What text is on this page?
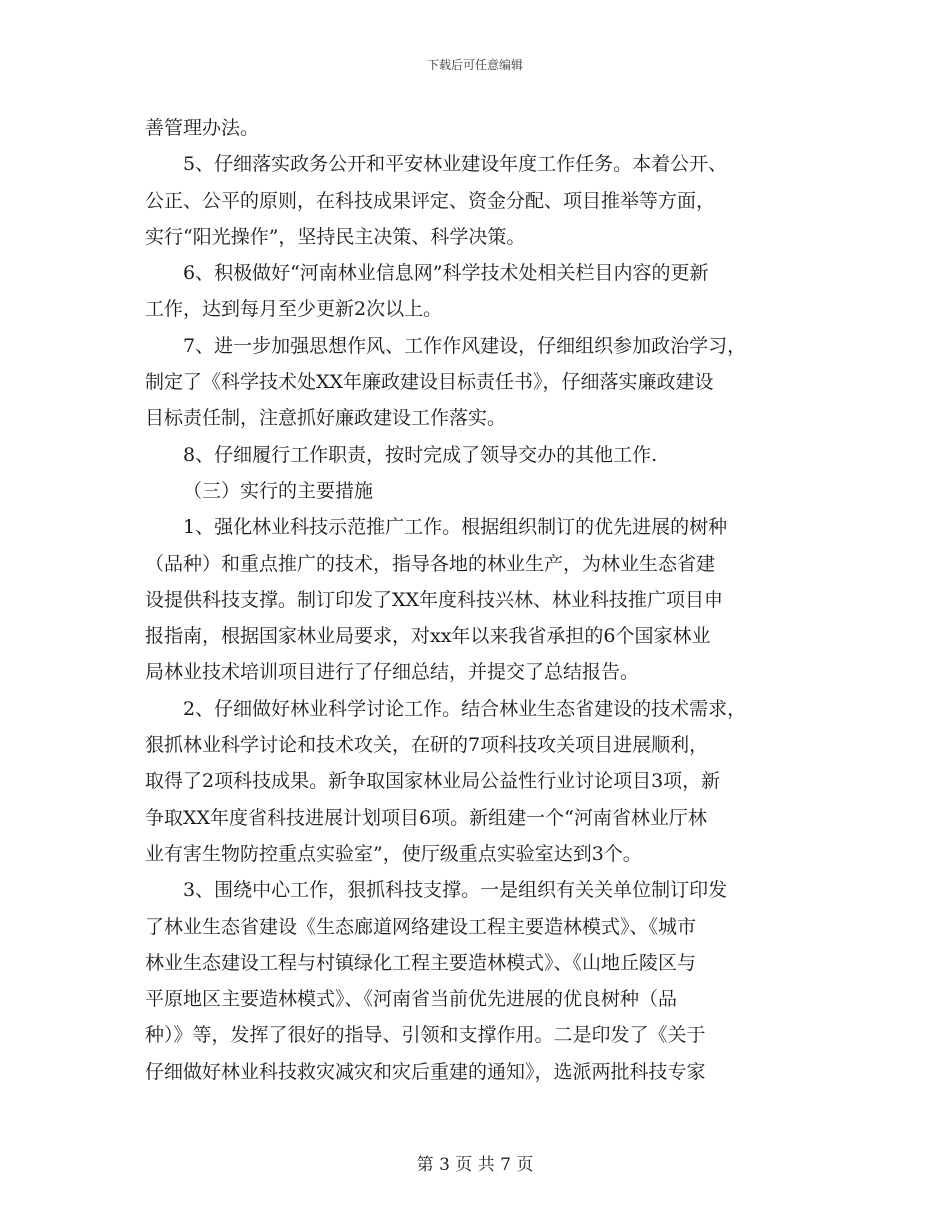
下载后可任意编辑
善管理办法。
5、仔细落实政务公开和平安林业建设年度工作任务。本着公开、
公正、公平的原则，在科技成果评定、资金分配、项目推举等方面，
实行“阳光操作”，坚持民主决策、科学决策。
6、积极做好“河南林业信息网”科学技术处相关栏目内容的更新
工作，达到每月至少更新2次以上。
7、进一步加强思想作风、工作作风建设，仔细组织参加政治学习，
制定了《科学技术处XX年廉政建设目标责任书》，仔细落实廉政建设
目标责任制，注意抓好廉政建设工作落实。
8、仔细履行工作职责，按时完成了领导交办的其他工作.
（三）实行的主要措施
1、强化林业科技示范推广工作。根据组织制订的优先进展的树种
（品种）和重点推广的技术，指导各地的林业生产，为林业生态省建
设提供科技支撑。制订印发了XX年度科技兴林、林业科技推广项目申
报指南，根据国家林业局要求，对xx年以来我省承担的6个国家林业
局林业技术培训项目进行了仔细总结，并提交了总结报告。
2、仔细做好林业科学讨论工作。结合林业生态省建设的技术需求，
狠抓林业科学讨论和技术攻关，在研的7项科技攻关项目进展顺利，
取得了2项科技成果。新争取国家林业局公益性行业讨论项目3项，新
争取XX年度省科技进展计划项目6项。新组建一个“河南省林业厅林
业有害生物防控重点实验室”，使厅级重点实验室达到3个。
3、围绕中心工作，狠抓科技支撑。一是组织有关关单位制订印发
了林业生态省建设《生态廊道网络建设工程主要造林模式》、《城市
林业生态建设工程与村镇绿化工程主要造林模式》、《山地丘陵区与
平原地区主要造林模式》、《河南省当前优先进展的优良树种（品
种）》等，发挥了很好的指导、引领和支撑作用。二是印发了《关于
仔细做好林业科技救灾减灾和灾后重建的通知》，选派两批科技专家
第 3 页 共 7 页
